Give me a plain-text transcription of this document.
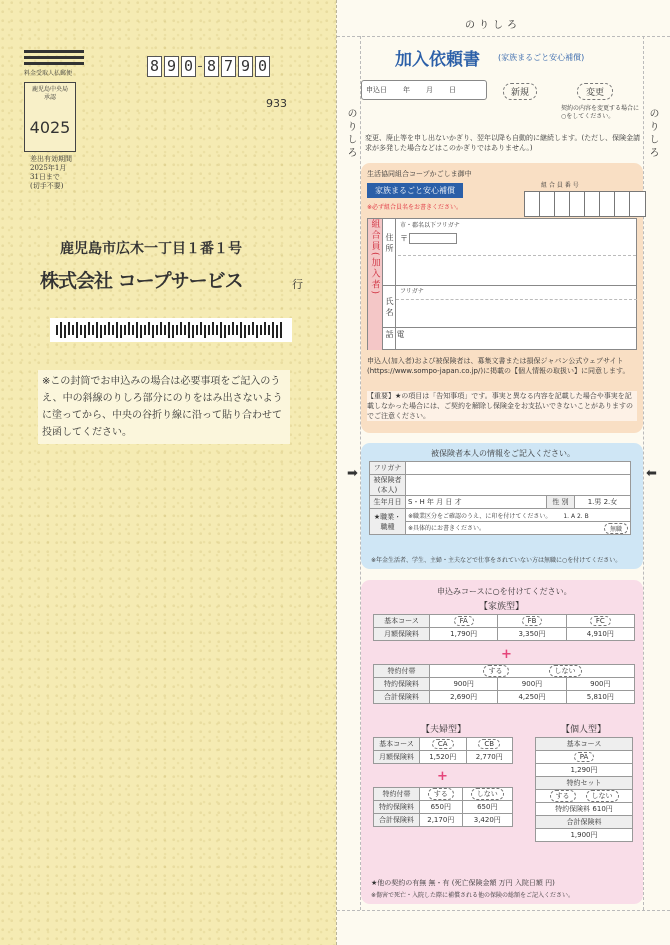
料金受取人払郵便
鹿児島中央局
承認
4025
差出有効期間
2025年1月
31日まで
(切手不要)
8 9 0 8 7 9 0
933
鹿児島市広木一丁目１番１号
株式会社 コープサービス	行
※この封筒でお申込みの場合は必要事項をご記入のうえ、中の斜線のりしろ部分にのりをはみ出さないように塗ってから、中央の谷折り線に沿って貼り合わせて投函してください。
のりしろ
のりしろ	のりしろ
➡	⬅
加入依頼書 (家族まるごと安心補償)
申込日 年 月 日	新規	変更
契約の内容を変更する場合に○をしてください。
変更、廃止等を申し出ないかぎり、翌年以降も自動的に継続します。(ただし、保険金請求が多発した場合などはこのかぎりではありません。)
生活協同組合コープかごしま御中
家族まるごと安心補償
※必ず組合員名をお書きください。
組 合 員 番 号
組合員(加入者) 住所
市・郡名以下フリガナ
〒
フリガナ
氏名
電話
申込人(加入者)および被保険者は、募集文書または損保ジャパン公式ウェブサイト(https://www.sompo-japan.co.jp/)に掲載の【個人情報の取扱い】に同意します。
【重要】★の項目は「告知事項」です。事実と異なる内容を記載した場合や事実を記載しなかった場合には、ご契約を解除し保険金をお支払いできないことがありますのでご注意ください。
被保険者本人の情報をご記入ください。
フリガナ			
被保険者(本人)			
生年月日	S・H 年 月 日 才	性 別	1.男 2.女
★職業・職種	※職業区分をご確認のうえ、に印を付けてください。 1. A 2. B		
	※具体的にお書きください。 無職		
※年金生活者、学生、主婦・主夫などで仕事をされていない方は無職に○を付けてください。
申込みコースに○を付けてください。
【家族型】
基本コース	FA	FB	FC
月額保険料	1,790円	3,350円	4,910円
+
特約付帯	する しない		
特約保険料	900円	900円	900円
合計保険料	2,690円	4,250円	5,810円
【夫婦型】
基本コース	CA	CB
月額保険料	1,520円	2,770円
+
特約付帯	する	しない
特約保険料	650円	650円
合計保険料	2,170円	3,420円
【個人型】
基本コース
PA
1,290円
特約セット
する	しない
特約保険料 610円
合計保険料
1,900円
★他の契約の有無 無・有 (死亡保険金額 万円 入院日額 円)
※傷害で死亡・入院した際に補償される他の保険の総額をご記入ください。
